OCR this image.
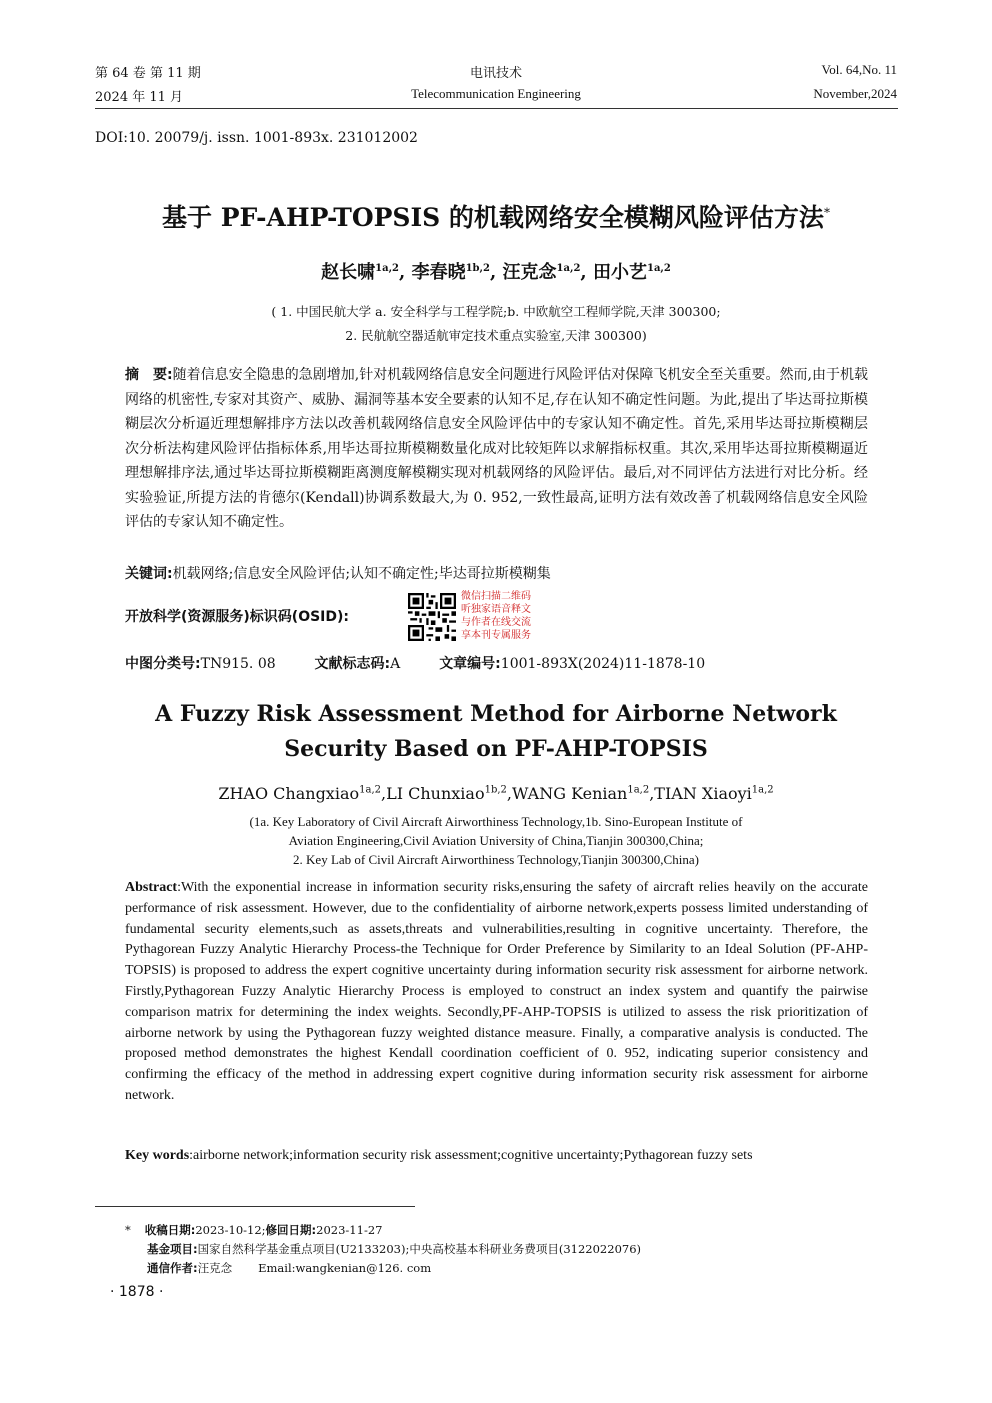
第 64 卷 第 11 期
2024 年 11 月
电讯技术
Telecommunication Engineering
Vol. 64,No. 11
November,2024
DOI:10. 20079/j. issn. 1001-893x. 231012002
基于 PF-AHP-TOPSIS 的机载网络安全模糊风险评估方法*
赵长啸$^{1a,2}$, 李春晓$^{1b,2}$, 汪克念$^{1a,2}$, 田小艺$^{1a,2}$
( 1. 中国民航大学 a. 安全科学与工程学院;b. 中欧航空工程师学院,天津 300300;
2. 民航航空器适航审定技术重点实验室,天津 300300)
摘　要:随着信息安全隐患的急剧增加,针对机载网络信息安全问题进行风险评估对保障飞机安全至关重要。然而,由于机载网络的机密性,专家对其资产、威胁、漏洞等基本安全要素的认知不足,存在认知不确定性问题。为此,提出了毕达哥拉斯模糊层次分析逼近理想解排序方法以改善机载网络信息安全风险评估中的专家认知不确定性。首先,采用毕达哥拉斯模糊层次分析法构建风险评估指标体系,用毕达哥拉斯模糊数量化成对比较矩阵以求解指标权重。其次,采用毕达哥拉斯模糊逼近理想解排序法,通过毕达哥拉斯模糊距离测度解模糊实现对机载网络的风险评估。最后,对不同评估方法进行对比分析。经实验验证,所提方法的肯德尔(Kendall)协调系数最大,为 0. 952,一致性最高,证明方法有效改善了机载网络信息安全风险评估的专家认知不确定性。
关键词:机载网络;信息安全风险评估;认知不确定性;毕达哥拉斯模糊集
开放科学(资源服务)标识码(OSID):
微信扫描二维码
听独家语音释文
与作者在线交流
享本刊专属服务
中图分类号:TN915. 08	文献标志码:A	文章编号:1001-893X(2024)11-1878-10
A Fuzzy Risk Assessment Method for Airborne Network
Security Based on PF-AHP-TOPSIS
ZHAO Changxiao$^{1a,2}$,LI Chunxiao$^{1b,2}$,WANG Kenian$^{1a,2}$,TIAN Xiaoyi$^{1a,2}$
(1a. Key Laboratory of Civil Aircraft Airworthiness Technology,1b. Sino-European Institute of
Aviation Engineering,Civil Aviation University of China,Tianjin 300300,China;
2. Key Lab of Civil Aircraft Airworthiness Technology,Tianjin 300300,China)
Abstract:With the exponential increase in information security risks,ensuring the safety of aircraft relies heavily on the accurate performance of risk assessment. However, due to the confidentiality of airborne network,experts possess limited understanding of fundamental security elements,such as assets,threats and vulnerabilities,resulting in cognitive uncertainty. Therefore, the Pythagorean Fuzzy Analytic Hierarchy Process-the Technique for Order Preference by Similarity to an Ideal Solution (PF-AHP-TOPSIS) is proposed to address the expert cognitive uncertainty during information security risk assessment for airborne network. Firstly,Pythagorean Fuzzy Analytic Hierarchy Process is employed to construct an index system and quantify the pairwise comparison matrix for determining the index weights. Secondly,PF-AHP-TOPSIS is utilized to assess the risk prioritization of airborne network by using the Pythagorean fuzzy weighted distance measure. Finally, a comparative analysis is conducted. The proposed method demonstrates the highest Kendall coordination coefficient of 0. 952, indicating superior consistency and confirming the efficacy of the method in addressing expert cognitive during information security risk assessment for airborne network.
Key words:airborne network;information security risk assessment;cognitive uncertainty;Pythagorean fuzzy sets
* 收稿日期:2023-10-12;修回日期:2023-11-27
基金项目:国家自然科学基金重点项目(U2133203);中央高校基本科研业务费项目(3122022076)
通信作者:汪克念 Email:wangkenian@126. com
· 1878 ·
